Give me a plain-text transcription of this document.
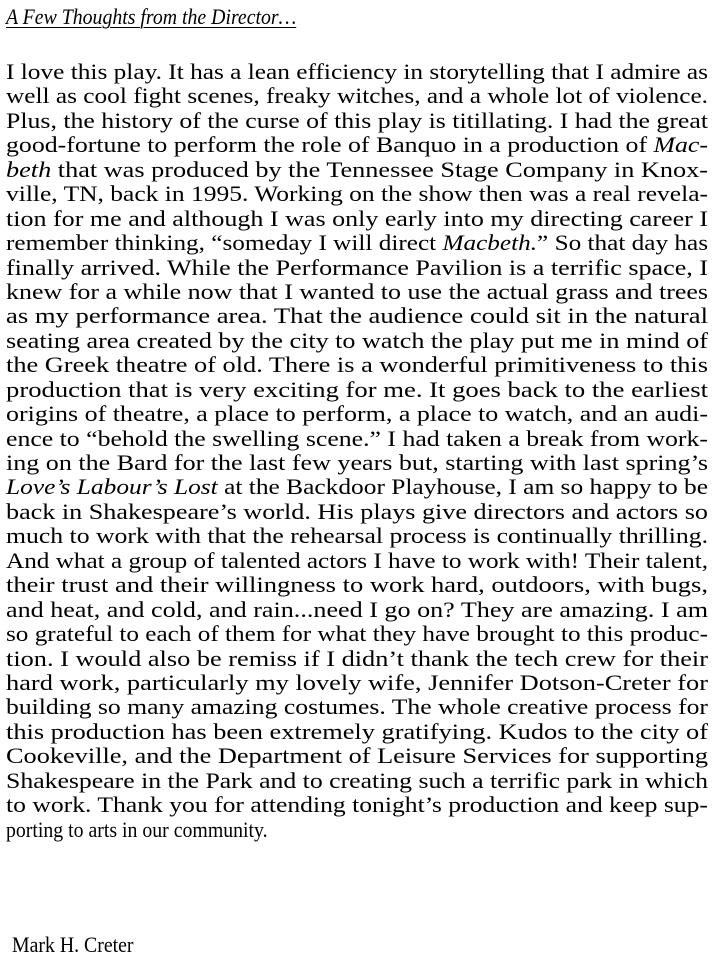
A Few Thoughts from the Director…
I love this play. It has a lean efficiency in storytelling that I admire as
well as cool fight scenes, freaky witches, and a whole lot of violence.
Plus, the history of the curse of this play is titillating. I had the great
good-fortune to perform the role of Banquo in a production of Mac-
beth that was produced by the Tennessee Stage Company in Knox-
ville, TN, back in 1995. Working on the show then was a real revela-
tion for me and although I was only early into my directing career I
remember thinking, “someday I will direct Macbeth.” So that day has
finally arrived. While the Performance Pavilion is a terrific space, I
knew for a while now that I wanted to use the actual grass and trees
as my performance area. That the audience could sit in the natural
seating area created by the city to watch the play put me in mind of
the Greek theatre of old. There is a wonderful primitiveness to this
production that is very exciting for me. It goes back to the earliest
origins of theatre, a place to perform, a place to watch, and an audi-
ence to “behold the swelling scene.” I had taken a break from work-
ing on the Bard for the last few years but, starting with last spring’s
Love’s Labour’s Lost at the Backdoor Playhouse, I am so happy to be
back in Shakespeare’s world. His plays give directors and actors so
much to work with that the rehearsal process is continually thrilling.
And what a group of talented actors I have to work with! Their talent,
their trust and their willingness to work hard, outdoors, with bugs,
and heat, and cold, and rain...need I go on? They are amazing. I am
so grateful to each of them for what they have brought to this produc-
tion. I would also be remiss if I didn’t thank the tech crew for their
hard work, particularly my lovely wife, Jennifer Dotson-Creter for
building so many amazing costumes. The whole creative process for
this production has been extremely gratifying. Kudos to the city of
Cookeville, and the Department of Leisure Services for supporting
Shakespeare in the Park and to creating such a terrific park in which
to work. Thank you for attending tonight’s production and keep sup-
porting to arts in our community.
Mark H. Creter
